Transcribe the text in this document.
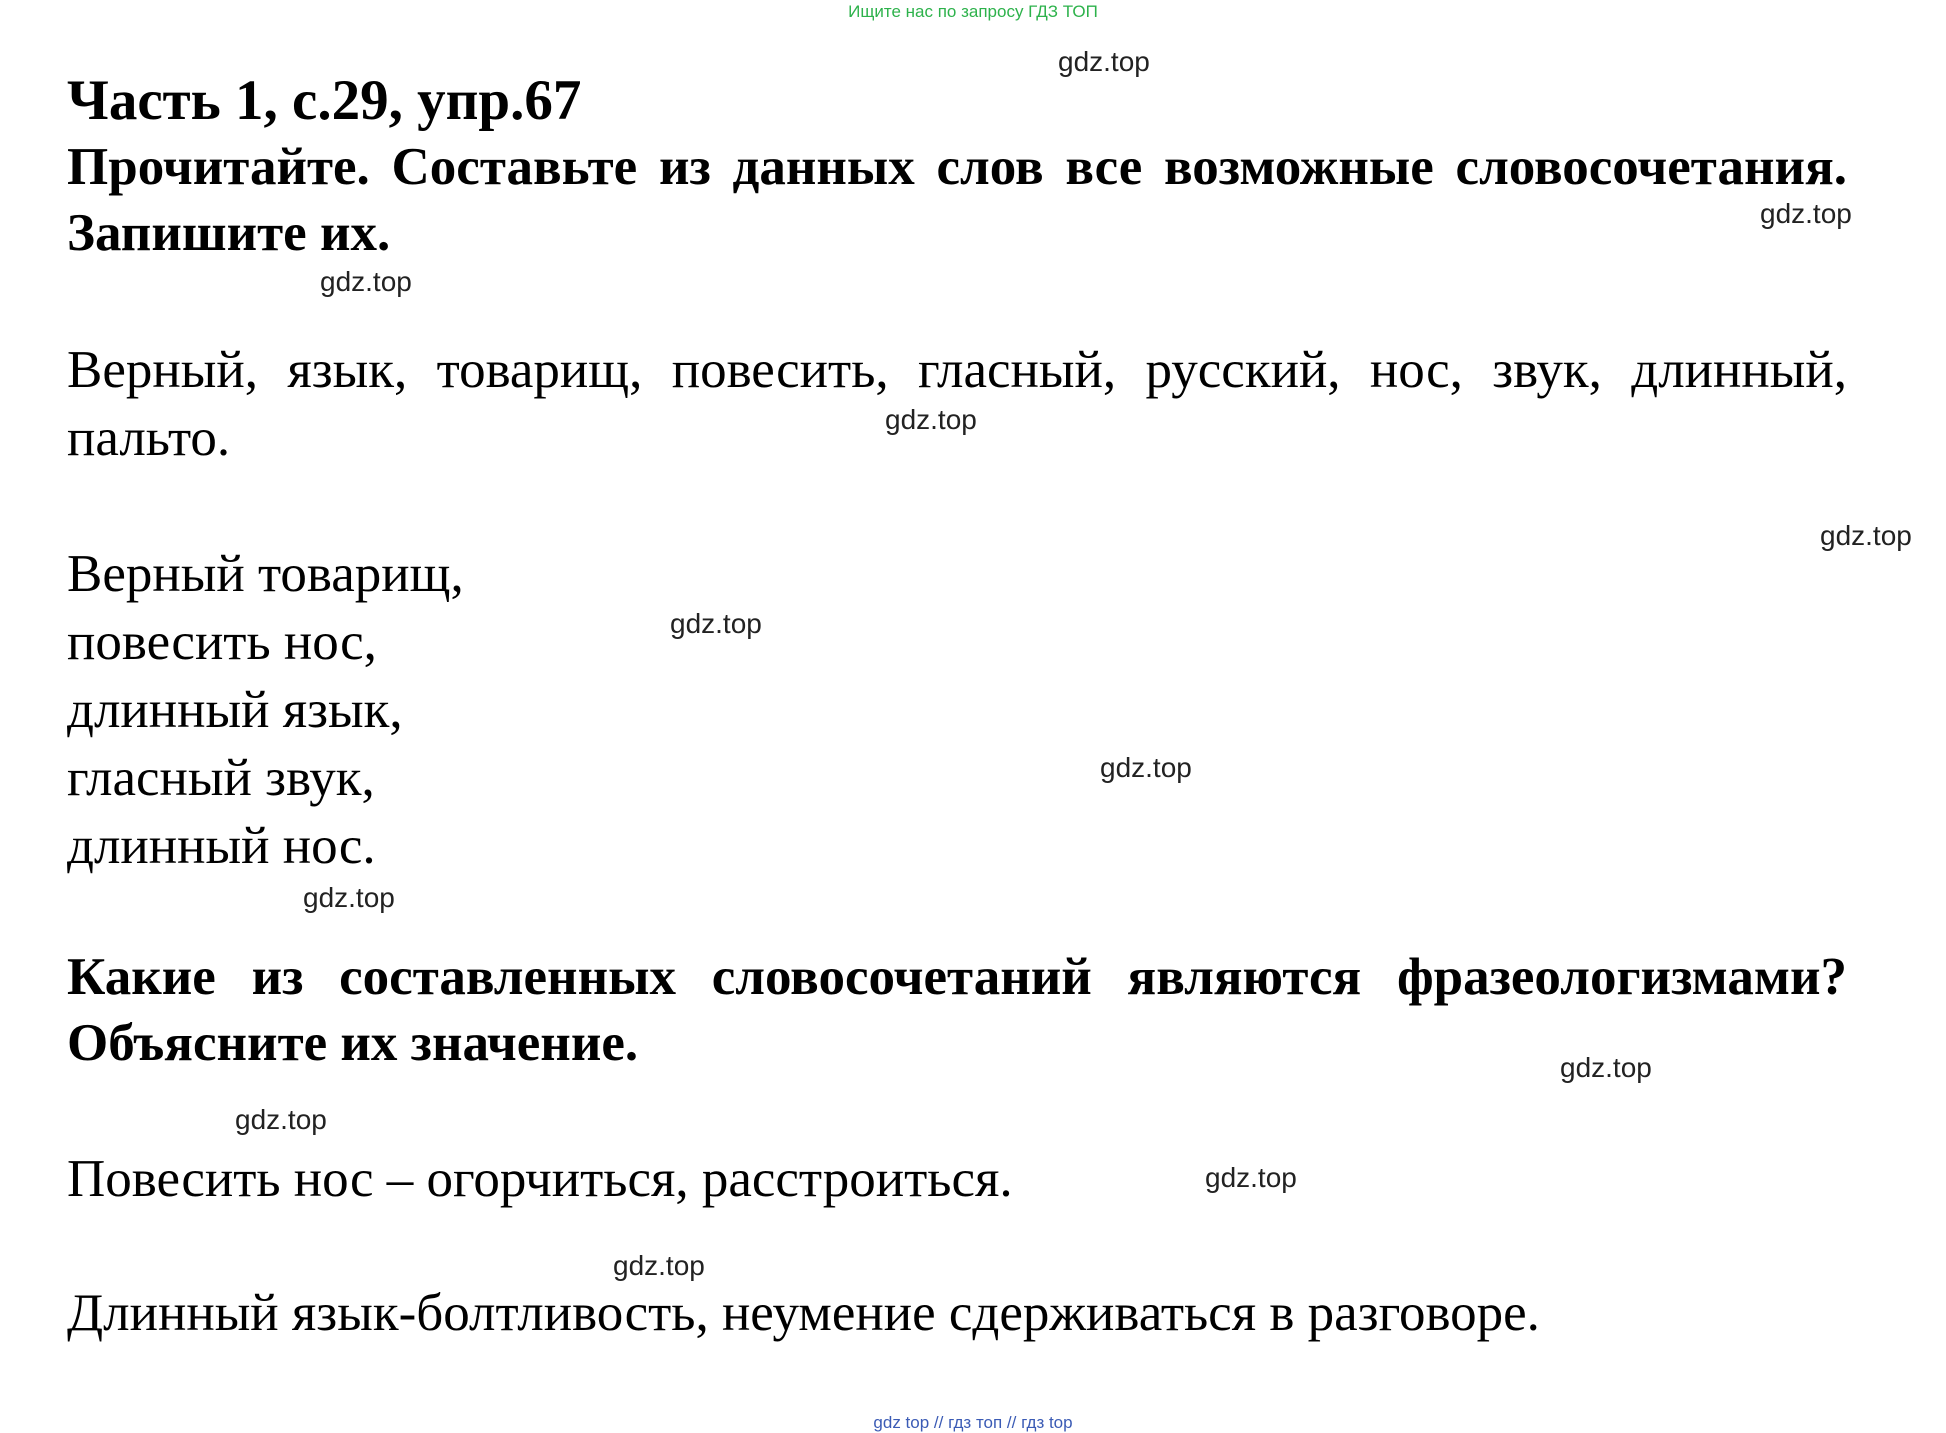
Ищите нас по запросу ГДЗ ТОП
Часть 1, с.29, упр.67
Прочитайте. Составьте из данных слов все возможные словосочетания. Запишите их.
Верный, язык, товарищ, повесить, гласный, русский, нос, звук, длинный, пальто.
Верный товарищ,
повесить нос,
длинный язык,
гласный звук,
длинный нос.
Какие из составленных словосочетаний являются фразеологизмами? Объясните их значение.
Повесить нос – огорчиться, расстроиться.
Длинный язык-болтливость, неумение сдерживаться в разговоре.
gdz.top
gdz.top
gdz.top
gdz.top
gdz.top
gdz.top
gdz.top
gdz.top
gdz.top
gdz.top
gdz.top
gdz.top
gdz top // гдз топ // гдз top
